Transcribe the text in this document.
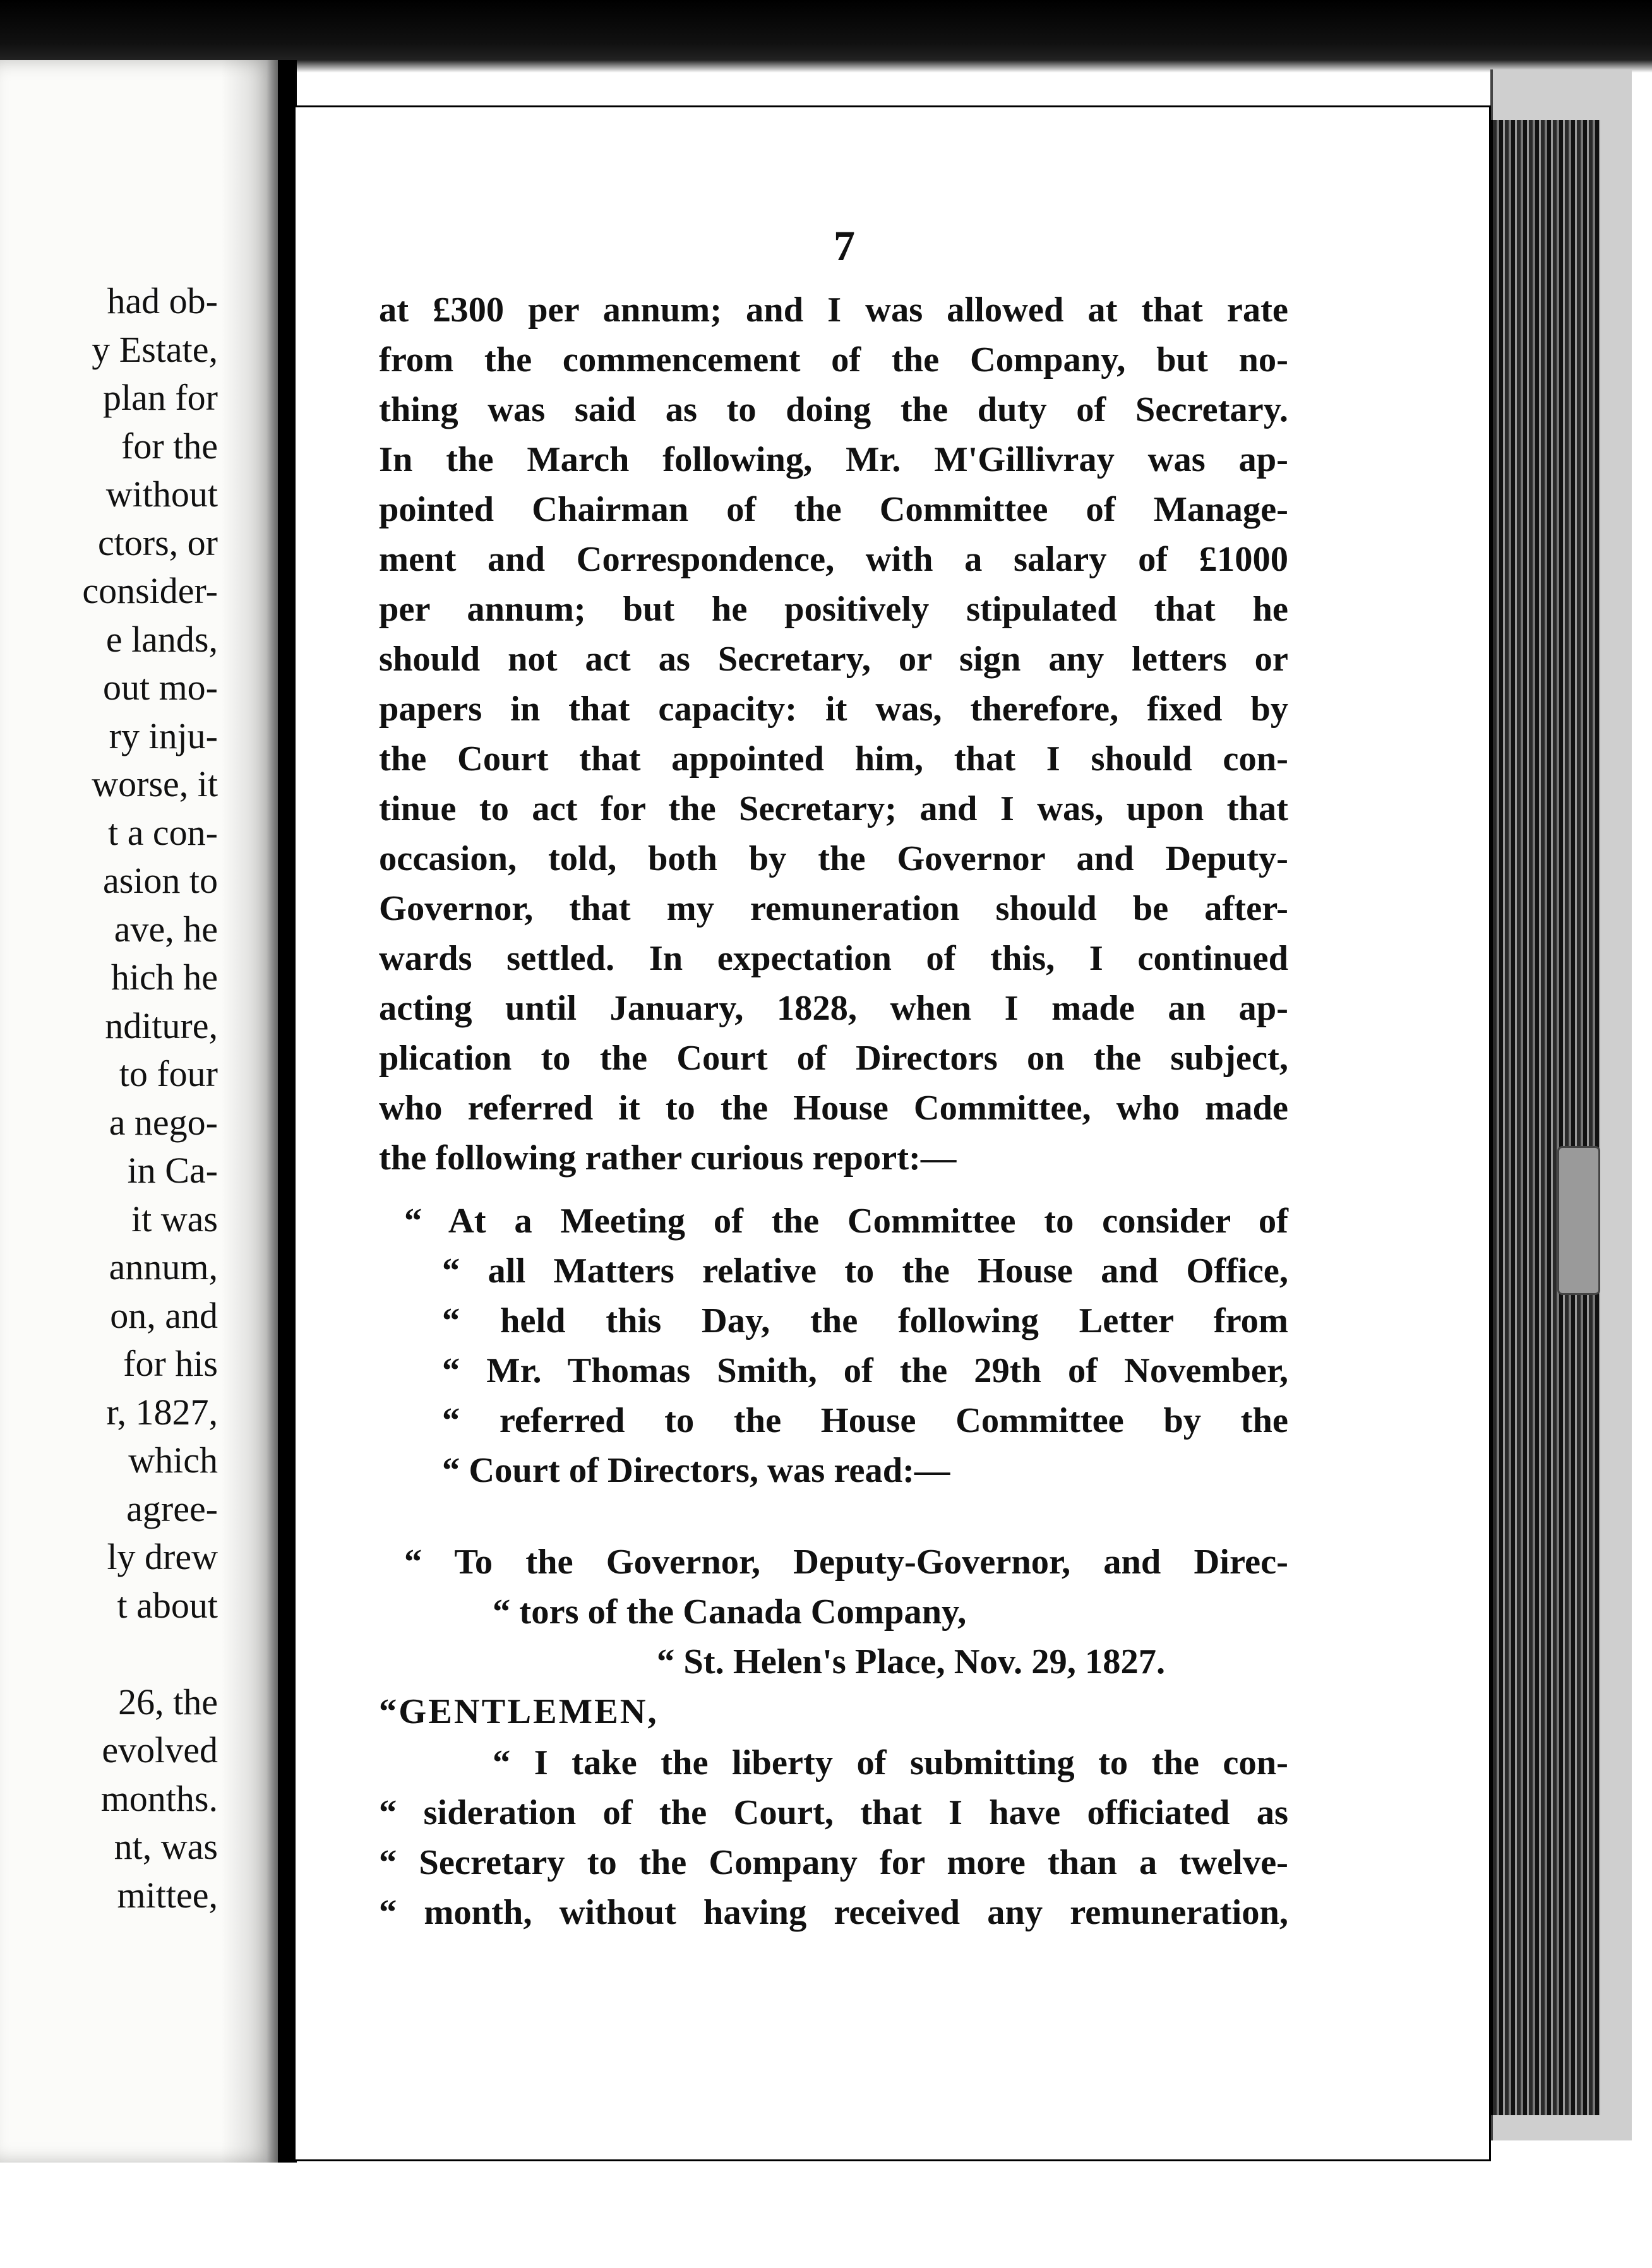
had ob-
y Estate,
plan for
for the
without
ctors, or
consider-
e lands,
out mo-
ry inju-
worse, it
t a con-
asion to
ave, he
hich he
nditure,
to four
a nego-
in Ca-
it was
annum,
on, and
for his
r, 1827,
which
agree-
ly drew
t about
26, the
evolved
months.
nt, was
mittee,
7
at £300 per annum; and I was allowed at that rate
from the commencement of the Company, but no-
thing was said as to doing the duty of Secretary.
In the March following, Mr. M'Gillivray was ap-
pointed Chairman of the Committee of Manage-
ment and Correspondence, with a salary of £1000
per annum; but he positively stipulated that he
should not act as Secretary, or sign any letters or
papers in that capacity: it was, therefore, fixed by
the Court that appointed him, that I should con-
tinue to act for the Secretary; and I was, upon that
occasion, told, both by the Governor and Deputy-
Governor, that my remuneration should be after-
wards settled. In expectation of this, I continued
acting until January, 1828, when I made an ap-
plication to the Court of Directors on the subject,
who referred it to the House Committee, who made
the following rather curious report:—
“ At a Meeting of the Committee to consider of
“ all Matters relative to the House and Office,
“ held this Day, the following Letter from
“ Mr. Thomas Smith, of the 29th of November,
“ referred to the House Committee by the
“ Court of Directors, was read:—
“ To the Governor, Deputy-Governor, and Direc-
“ tors of the Canada Company,
“ St. Helen's Place, Nov. 29, 1827.
“GENTLEMEN,
“ I take the liberty of submitting to the con-
“ sideration of the Court, that I have officiated as
“ Secretary to the Company for more than a twelve-
“ month, without having received any remuneration,
